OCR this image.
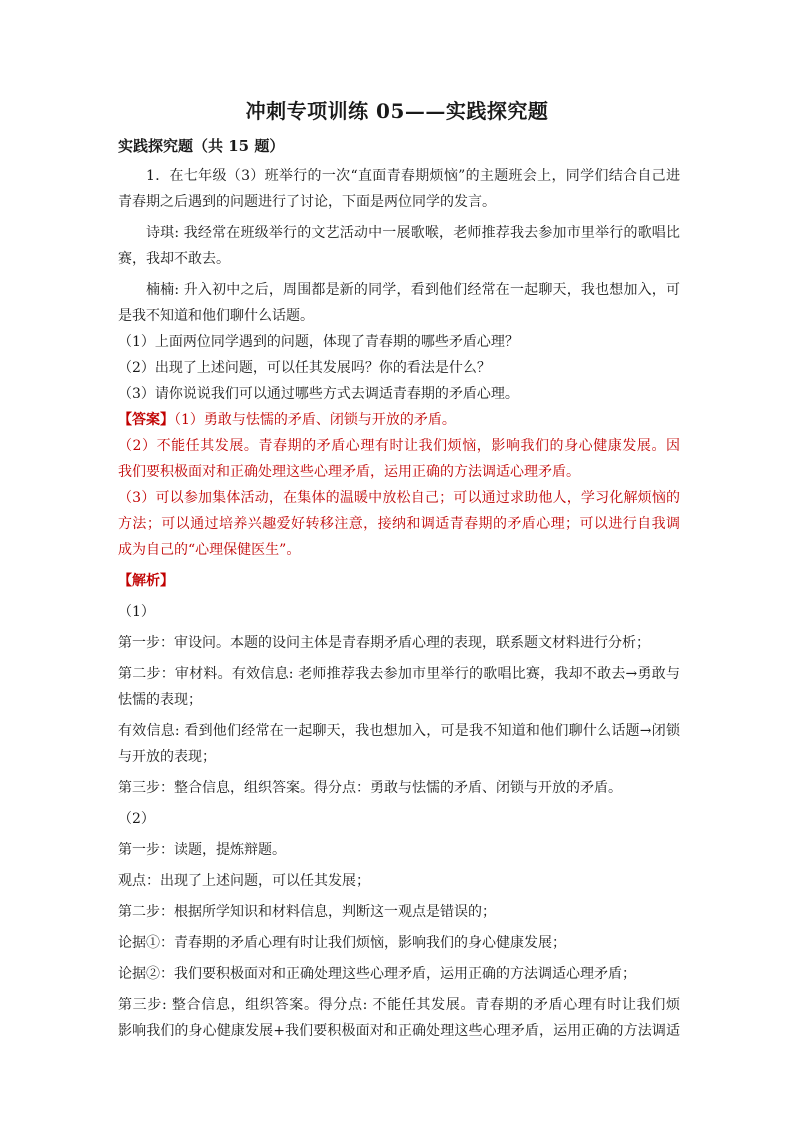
冲刺专项训练 05——实践探究题
实践探究题（共 15 题）
1．在七年级（3）班举行的一次“直面青春期烦恼”的主题班会上，同学们结合自己进
青春期之后遇到的问题进行了讨论，下面是两位同学的发言。
诗琪: 我经常在班级举行的文艺活动中一展歌喉，老师推荐我去参加市里举行的歌唱比
赛，我却不敢去。
楠楠: 升入初中之后，周围都是新的同学，看到他们经常在一起聊天，我也想加入，可
是我不知道和他们聊什么话题。
（1）上面两位同学遇到的问题，体现了青春期的哪些矛盾心理？
（2）出现了上述问题，可以任其发展吗？你的看法是什么？
（3）请你说说我们可以通过哪些方式去调适青春期的矛盾心理。
【答案】（1）勇敢与怯懦的矛盾、闭锁与开放的矛盾。
（2）不能任其发展。青春期的矛盾心理有时让我们烦恼，影响我们的身心健康发展。因
我们要积极面对和正确处理这些心理矛盾，运用正确的方法调适心理矛盾。
（3）可以参加集体活动，在集体的温暖中放松自己；可以通过求助他人，学习化解烦恼的
方法；可以通过培养兴趣爱好转移注意，接纳和调适青春期的矛盾心理；可以进行自我调
成为自己的“心理保健医生”。
【解析】
（1）
第一步：审设问。本题的设问主体是青春期矛盾心理的表现，联系题文材料进行分析；
第二步：审材料。有效信息: 老师推荐我去参加市里举行的歌唱比赛，我却不敢去→勇敢与
怯懦的表现；
有效信息: 看到他们经常在一起聊天，我也想加入，可是我不知道和他们聊什么话题→闭锁
与开放的表现；
第三步：整合信息，组织答案。得分点：勇敢与怯懦的矛盾、闭锁与开放的矛盾。
（2）
第一步：读题，提炼辩题。
观点：出现了上述问题，可以任其发展；
第二步：根据所学知识和材料信息，判断这一观点是错误的；
论据①：青春期的矛盾心理有时让我们烦恼，影响我们的身心健康发展；
论据②：我们要积极面对和正确处理这些心理矛盾，运用正确的方法调适心理矛盾；
第三步: 整合信息，组织答案。得分点: 不能任其发展。青春期的矛盾心理有时让我们烦
影响我们的身心健康发展+我们要积极面对和正确处理这些心理矛盾，运用正确的方法调适
